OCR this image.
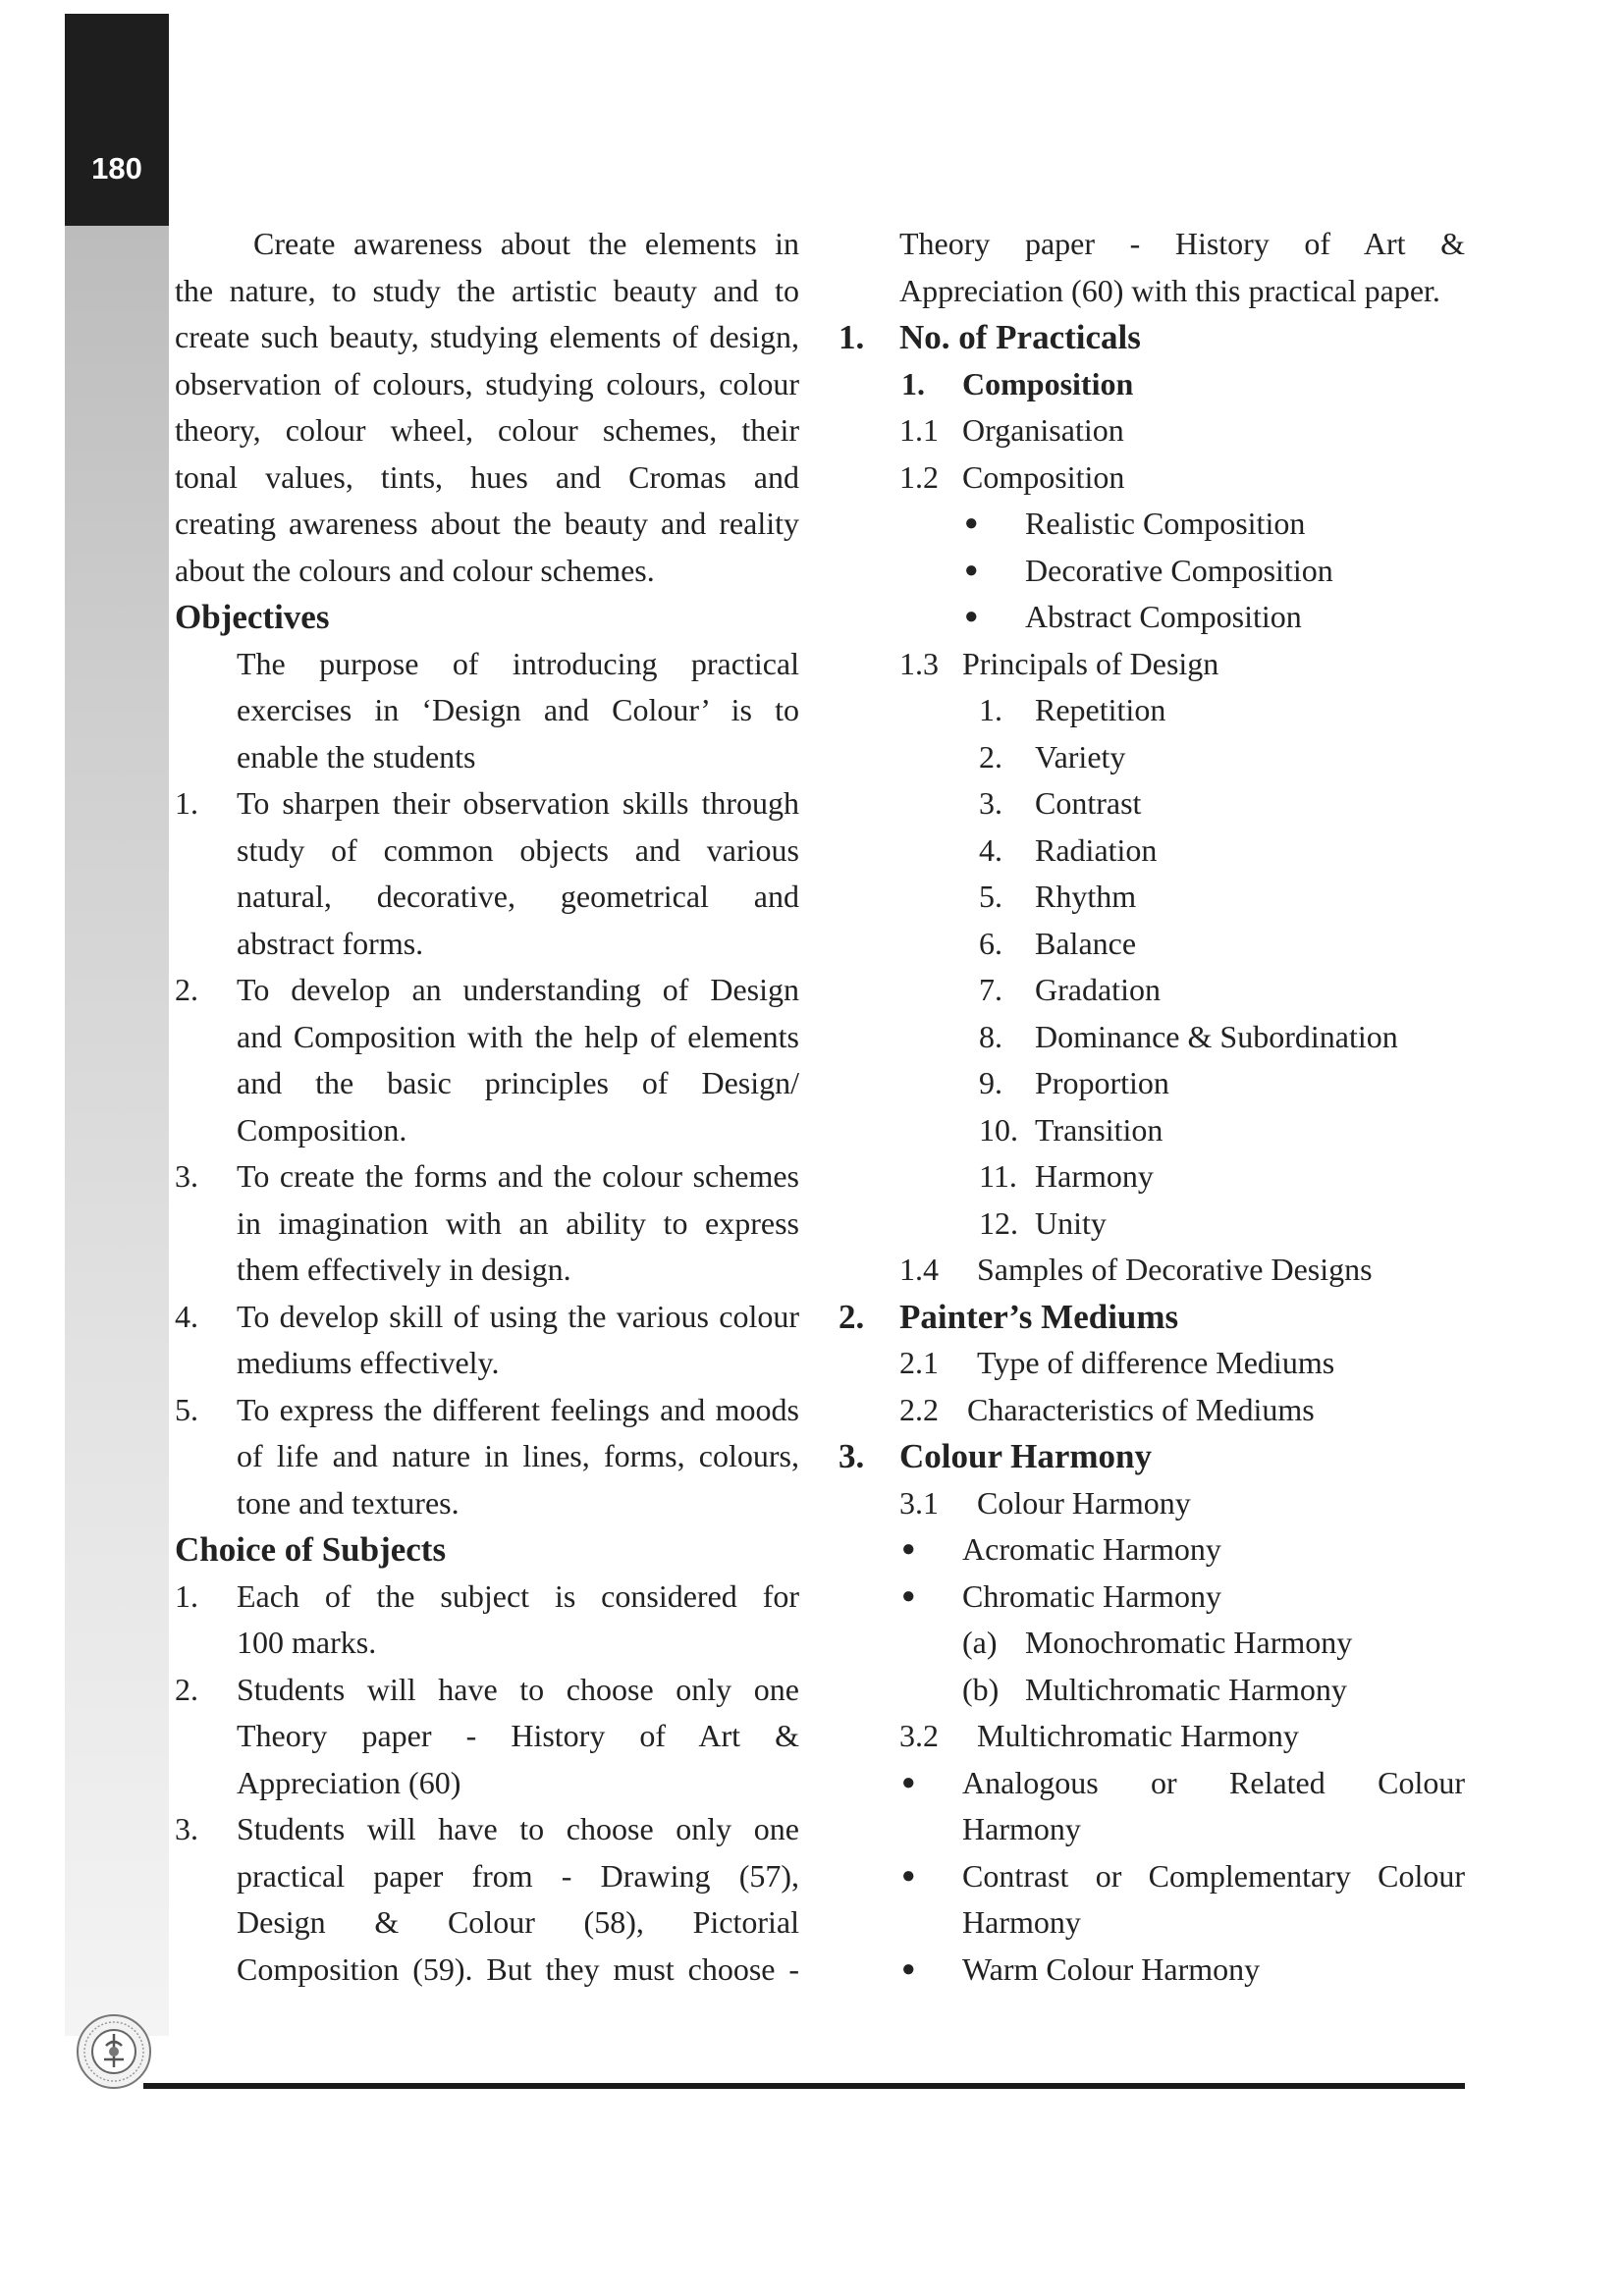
180
Create awareness about the elements in
the nature, to study the artistic beauty and to
create such beauty, studying elements of design,
observation of colours, studying colours, colour
theory, colour wheel, colour schemes, their
tonal values, tints, hues and Cromas and
creating awareness about the beauty and reality
about the colours and colour schemes.
Objectives
The purpose of introducing practical
exercises in ‘Design and Colour’ is to
enable the students
1. To sharpen their observation skills through
study of common objects and various
natural, decorative, geometrical and
abstract forms.
2. To develop an understanding of Design
and Composition with the help of elements
and the basic principles of Design/
Composition.
3. To create the forms and the colour schemes
in imagination with an ability to express
them effectively in design.
4. To develop skill of using the various colour
mediums effectively.
5. To express the different feelings and moods
of life and nature in lines, forms, colours,
tone and textures.
Choice of Subjects
1. Each of the subject is considered for
100 marks.
2. Students will have to choose only one
Theory paper - History of Art &
Appreciation (60)
3. Students will have to choose only one
practical paper from - Drawing (57),
Design & Colour (58), Pictorial
Composition (59). But they must choose -
Theory paper - History of Art &
Appreciation (60) with this practical paper.
1. No. of Practicals
1. Composition
1.1 Organisation
1.2 Composition
● Realistic Composition
● Decorative Composition
● Abstract Composition
1.3 Principals of Design
1. Repetition
2. Variety
3. Contrast
4. Radiation
5. Rhythm
6. Balance
7. Gradation
8. Dominance & Subordination
9. Proportion
10. Transition
11. Harmony
12. Unity
1.4 Samples of Decorative Designs
2. Painter’s Mediums
2.1 Type of difference Mediums
2.2 Characteristics of Mediums
3. Colour Harmony
3.1 Colour Harmony
● Acromatic Harmony
● Chromatic Harmony
(a) Monochromatic Harmony
(b) Multichromatic Harmony
3.2 Multichromatic Harmony
● Analogous or Related Colour
Harmony
● Contrast or Complementary Colour
Harmony
● Warm Colour Harmony
